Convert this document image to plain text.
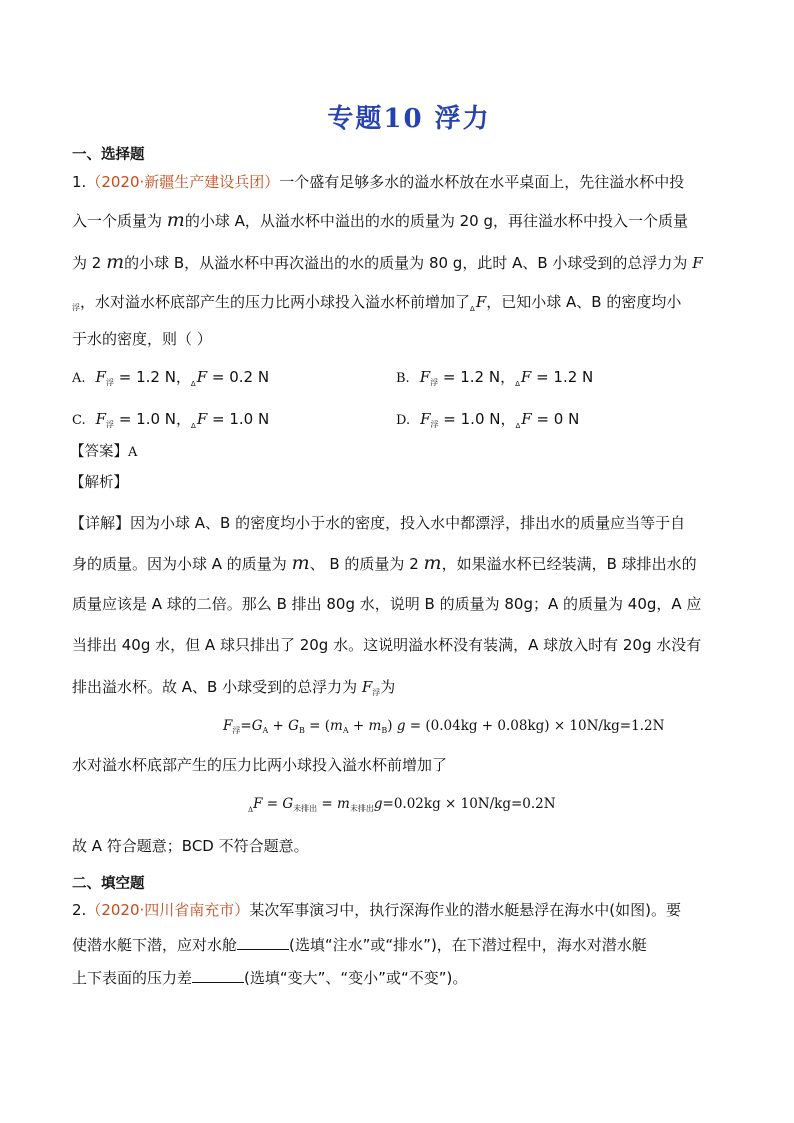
专题10 浮力
一、选择题
1.（2020·新疆生产建设兵团）一个盛有足够多水的溢水杯放在水平桌面上，先往溢水杯中投
入一个质量为 m的小球 A，从溢水杯中溢出的水的质量为 20 g，再往溢水杯中投入一个质量
为 2 m的小球 B，从溢水杯中再次溢出的水的质量为 80 g，此时 A、B 小球受到的总浮力为 F
$_浮$，水对溢水杯底部产生的压力比两小球投入溢水杯前增加了$_\Delta$F，已知小球 A、B 的密度均小
于水的密度，则（ ）
A. $F_浮 = 1.2$ N，$_\Delta$F = 0.2 N	B. $F_浮 = 1.2$ N，$_\Delta$F = 1.2 N
C. $F_浮 = 1.0$ N，$_\Delta$F = 1.0 N	D. $F_浮 = 1.0$ N，$_\Delta$F = 0 N
【答案】A
【解析】
【详解】因为小球 A、B 的密度均小于水的密度，投入水中都漂浮，排出水的质量应当等于自
身的质量。因为小球 A 的质量为 m、 B 的质量为 2 m，如果溢水杯已经装满，B 球排出水的
质量应该是 A 球的二倍。那么 B 排出 80g 水，说明 B 的质量为 80g；A 的质量为 40g，A 应
当排出 40g 水，但 A 球只排出了 20g 水。这说明溢水杯没有装满，A 球放入时有 20g 水没有
排出溢水杯。故 A、B 小球受到的总浮力为 $F_浮$为
$F_浮=G_A + G_B = (m_A + m_B) g = (0.04kg + 0.08kg) \times 10N/kg=1.2N$
水对溢水杯底部产生的压力比两小球投入溢水杯前增加了
$_\Delta F = G_{未排出} = m_{未排出}g=0.02kg \times 10N/kg=0.2N$
故 A 符合题意；BCD 不符合题意。
二、填空题
2.（2020·四川省南充市）某次军事演习中，执行深海作业的潜水艇悬浮在海水中(如图)。要
使潜水艇下潜，应对水舱	(选填“注水”或“排水”)，在下潜过程中，海水对潜水艇
上下表面的压力差	(选填“变大”、“变小”或“不变”)。
